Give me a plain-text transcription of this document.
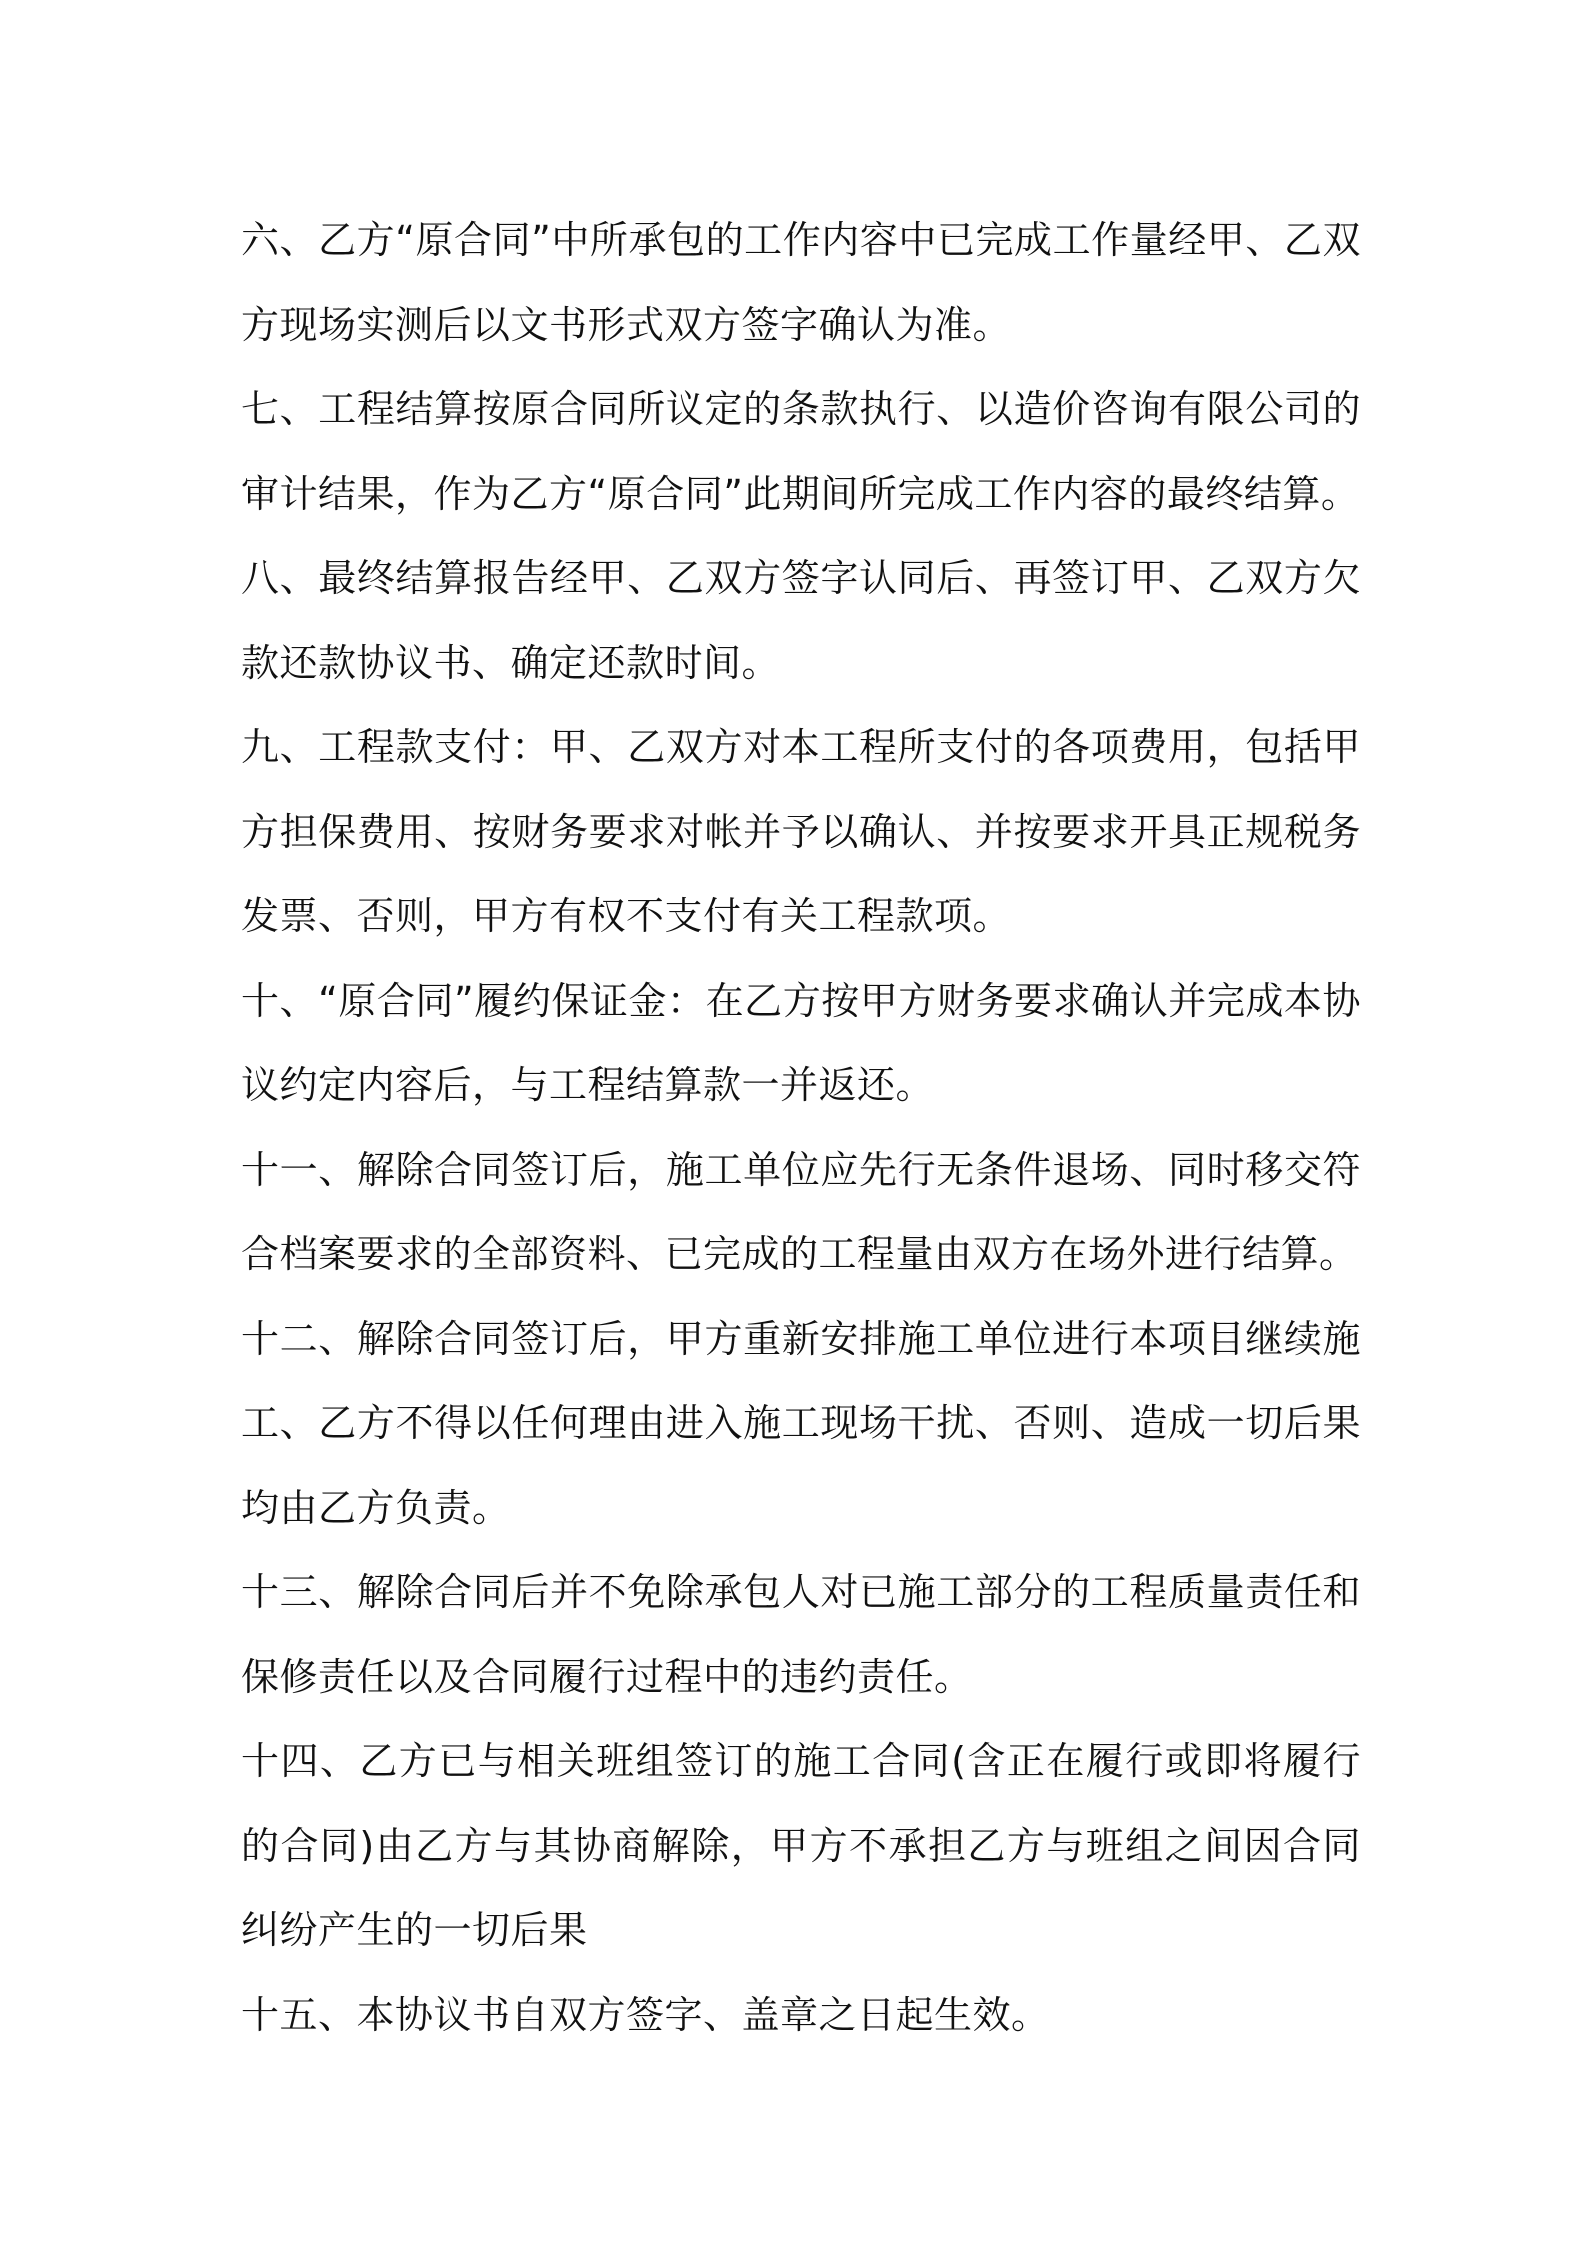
六、乙方“原合同”中所承包的工作内容中已完成工作量经甲、乙双方现场实测后以文书形式双方签字确认为准。
七、工程结算按原合同所议定的条款执行、以造价咨询有限公司的审计结果，作为乙方“原合同”此期间所完成工作内容的最终结算。
八、最终结算报告经甲、乙双方签字认同后、再签订甲、乙双方欠款还款协议书、确定还款时间。
九、工程款支付：甲、乙双方对本工程所支付的各项费用，包括甲方担保费用、按财务要求对帐并予以确认、并按要求开具正规税务发票、否则，甲方有权不支付有关工程款项。
十、“原合同”履约保证金：在乙方按甲方财务要求确认并完成本协议约定内容后，与工程结算款一并返还。
十一、解除合同签订后，施工单位应先行无条件退场、同时移交符合档案要求的全部资料、已完成的工程量由双方在场外进行结算。
十二、解除合同签订后，甲方重新安排施工单位进行本项目继续施工、乙方不得以任何理由进入施工现场干扰、否则、造成一切后果均由乙方负责。
十三、解除合同后并不免除承包人对已施工部分的工程质量责任和保修责任以及合同履行过程中的违约责任。
十四、乙方已与相关班组签订的施工合同(含正在履行或即将履行的合同)由乙方与其协商解除，甲方不承担乙方与班组之间因合同纠纷产生的一切后果
十五、本协议书自双方签字、盖章之日起生效。
